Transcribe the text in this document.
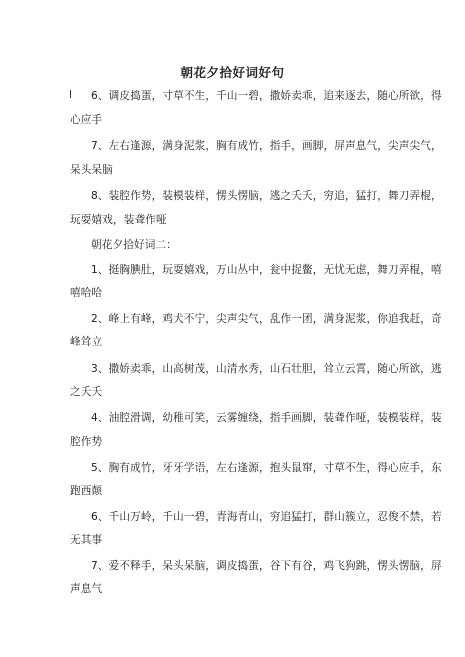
朝花夕拾好词好句
l 6、调皮捣蛋，寸草不生，千山一碧，撒娇卖乖，追来逐去，随心所欲，得
心应手
7、左右逢源，满身泥浆，胸有成竹，指手，画脚，屏声息气，尖声尖气，
呆头呆脑
8、装腔作势，装模装样，愣头愣脑，逃之夭夭，穷追，猛打，舞刀弄棍，
玩耍嬉戏，装聋作哑
朝花夕拾好词二：
1、挺胸腆肚，玩耍嬉戏，万山丛中，瓮中捉鳖，无忧无虑，舞刀弄棍，嘻
嘻哈哈
2、峰上有峰，鸡犬不宁，尖声尖气，乱作一团，满身泥浆，你追我赶，奇
峰耸立
3、撒娇卖乖，山高树茂，山清水秀，山石壮胆，耸立云霄，随心所欲，逃
之夭夭
4、油腔滑调，幼稚可笑，云雾缠绕，指手画脚，装聋作哑，装模装样，装
腔作势
5、胸有成竹，牙牙学语，左右逢源，抱头鼠窜，寸草不生，得心应手，东
跑西颠
6、千山万岭，千山一碧，青海青山，穷追猛打，群山簇立，忍俊不禁，若
无其事
7、爱不释手，呆头呆脑，调皮捣蛋，谷下有谷，鸡飞狗跳，愣头愣脑，屏
声息气
